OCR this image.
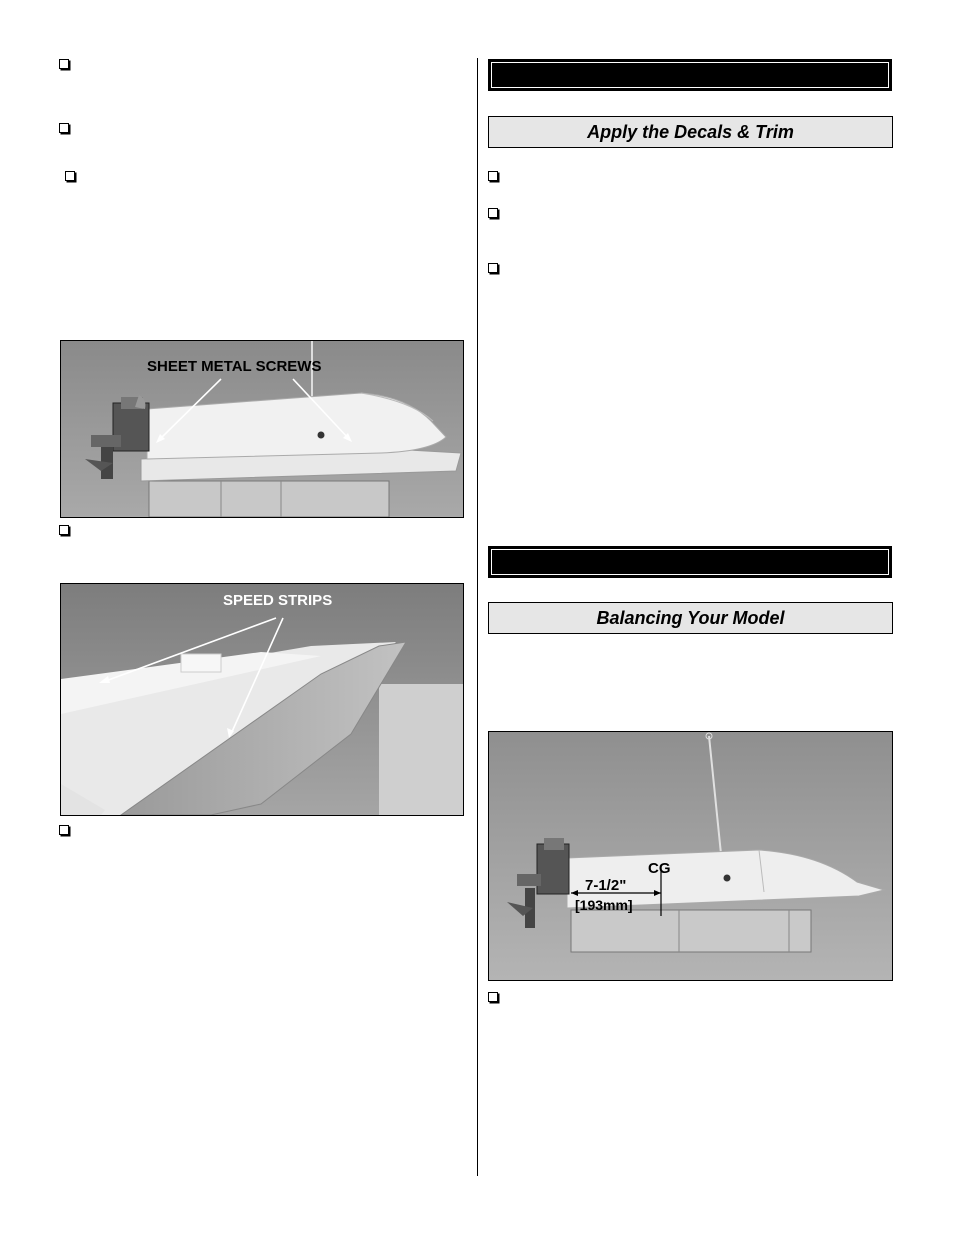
Apply the Decals & Trim
Balancing Your Model
SHEET METAL SCREWS
SPEED STRIPS
CG
7-1/2"
[193mm]
